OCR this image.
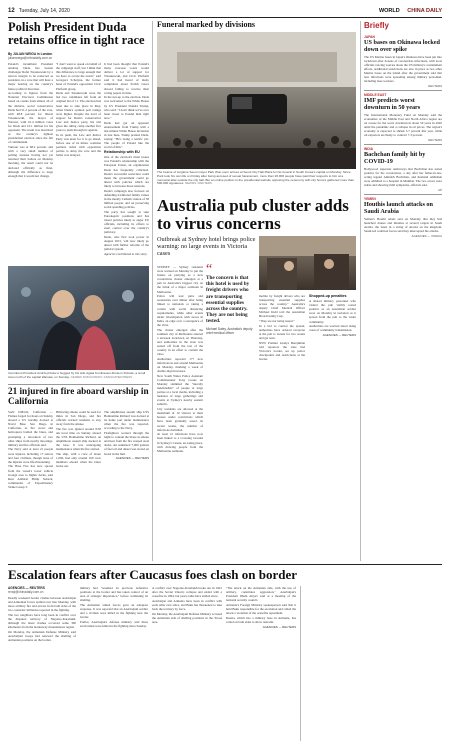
12 Tuesday, July 14, 2020	WORLD CHINA DAILY
Polish President Duda retains office in tight race
By JULIAN WEIGA in London
julianweiga@chinadaily.com.cn

Poland's incumbent President Andrzej Duda has beaten challenger Rafal Trzaskowski by a narrow margin to be reelected as president, in a vote that will have a major bearing on the country's future political direction.

According to figures from the National Electoral Commission based on counts from almost all of the districts, social conservative Duda had 51.2 percent of the vote, with 48.8 percent for liberal Trzaskowski, the mayor of Warsaw, with 10.4 million votes for Duda and 10.1 million for his opponent. The result was described as the country's tightest presidential election since the fall of communism.

Turnout was at 68.2 percent, and with a very small number of polling stations having not yet returned their ballots on Monday morning, the result could not be declared officially as final, although the difference is large enough that it would not change.

"I don't want to speak on behalf of the campaign staff, but I think that this difference is large enough that we have to accept the result," said Grzegorz Schetyna, the former head of Poland's opposition Civic Platform group.

Duda and Trzaskowski were the last two candidates left from an original list of 11. The election had been due to take place in May, when Duda's opinion poll ratings were higher. Despite the level of support for Duda's conservative Law and Justice party, his win gives the ruling camp another five years to push through its agenda.

In its push, the Law and Justice Party was keen for it to go ahead, before one of its minor coalition partners sided with opposition parties to delay the vote and the ballot was delayed.

It had been thought that Poland's many overseas voters would deliver a lot of support for Trzaskowski, and Civic Platform said it had heard of many complaints about Polish voters abroad failing to receive their voting papers in time.

In the run-up to the election, Duda was welcomed to the White House by US President Donald Trump, who said: "I don't think we've ever been closer to Poland than right now."

Duda had got an apparent endorsement from Trump with a last-minute White House invitation in late June. Trump praised Duda, saying: "He's doing a terrific job. The people of Poland like the world of him."

Relationship with EU

One of the election's main issues was Poland's relationship with the European Union, an organization Duda has frequently criticized. Duda's successful reelection could mean the government could go ahead with policies which are likely to increase those tensions.

Duda's campaign also focused on defending traditional family values in the mostly Catholic nation of 38 million people, and on preserving social spending policies.

The party has sought to take Euroskeptic positions and has raised policies likely to anger EU officials, including its efforts to exert control over the country's judiciary.

Duda, who first took power in August 2015, will now likely go ahead with further reforms of the judicial system.

Agencies contributed to this story.

Incumbent President Andrzej Duda is hugged by his wife Agata Kornhauser-Duda in Pultusk, a small town north of the capital Warsaw, on Sunday. CZAREK SOKOLOWSKI / ASSOCIATED PRESS
21 injured in fire aboard warship in California

SAN DIEGO, California — Flames forged for hours on Sunday aboard a US warship docked at Naval Base San Diego in California, as fire crews and helicopters battled the blaze, and prompting a relocation of two other ships from nearby moorings, military and fire officials said.

The Navy said at least 21 people were injured, including 17 sailors and four civilians, though none of the injuries were life-threatening.

The Base Fire has now spread from the vessel's lower vehicle storage area to higher decks, said Rear Admiral Philip Sobeck, commander of Expeditionary Strike Group 3.

Billowing smoke could be seen for miles in San Diego, and fire officials warned residents to stay away from the smoke.

The fire was ignited around 8:30 am local time on Sunday aboard the USS Bonhomme Richard, an amphibious assault ship docked at the base. It was undergoing maintenance when the fire started.

The ship, with a crew of about 1,000, had only around 160 crew members aboard when the blaze broke out.

The amphibious assault ship USS Bonhomme Richard was docked at its home port under maintenance when the fire was reported, according to the Navy.

Firefighters worked through the night to contain the blaze as smoke and heat from the fire warped steel decks. An estimated 7,000 gallons of fuel oil and diesel was stored on board in the hull.

AGENCIES — REUTERS

Funeral marked by divisions
The hearse of longtime Seoul mayor Park Won-soon arrives at Seoul City Hall Plaza for his funeral in South Korea's capital on Monday. Since Park took his own life on Friday after being accused of sexual harassment, more than 20,000 people have paid their respects to him at a memorial altar outside the city hall. But an online petition to the presidential website opposing the ceremony with city honors gathered more than 500,000 signatures. NEWSIS / REUTERS
Australia pub cluster adds to virus concerns
Outbreak at Sydney hotel brings police warning: no large events in Victoria cases

SYDNEY — Sydney residents were warned on Monday to put the brakes on partying as a new coronavirus cluster emerged at a pub in Australia's biggest city on the brink of a major outbreak in Melbourne.

Police will tour pubs and restaurants over dinner after being linked to nationals or taking a certain with social distancing requirements, while other events under investigation with stores in India, an edge over a resurgence of the virus.

The cluster emerged after the southern city of Melbourne entered a sixweek lockdown on Thursday, and authorities in the state was sealed off from the rest of the country in an effort to contain the virus.

Authorities reported 177 new infections in and around Melbourne on Monday, marking a week of double-digit increases.

New South Wales Police Assistant Commissioner Tony Cooke on Monday slammed the "morally indefensible" of people at large parties at a local media, including a business of large gatherings and events at Sydney's nearby eastern suburbs.

City residents are allowed at the maximum of 10 visitors to their houses under restrictions which have been gradually eased. In recent weeks, the number of infections dwindled.

At least 21 infections have now been linked to a Crossing Ground in Sydney's Casula, an eating place, with drawing people from the Melbourne outbreak.

“
The concern is that this hotel is used by freight drivers who are transporting essential supplies across the country. They are not being tested.
Michael Daley, Australia's deputy chief medical officer

mobile by freight drivers who are transporting essential supplies across the country," Australia's deputy Chief Medical Officer Michael Kidd told the Australian Broadcasting Corp.

"They are not being tested."

In a bid to control the spread, authorities have ordered everyone at the pub to isolate for two weeks and get tests.

NSW Premier Gladys Berejiklian told reporters the state had Victoria's border, set up police checkpoints and restrictions at the border.

Shopped-up penalties

A shared military personnel who visited the pub visibly tested positive as an Australian soldier were on Monday in isolation as it spread from the pub to the wider community.

Authorities are worried about rising cases of community transmission.

AGENCIES — REUTERS

Briefly
JAPAN
US bases on Okinawa locked down over spike
The US Marine bases in Japan's Okinawa have been put into lockdown after dozens of coronavirus infections, with local officials voicing worries about the US military's containment efforts. Additional restrictions are also in place at two other Marine bases on the island after the government said that new infections were spreading among military personnel, including base workers.
REUTERS
MIDDLE EAST
IMF predicts worst downturn in 50 years
The International Monetary Fund on Monday said the economies of the Middle East and North Africa region are on course for the worst downturn in about 50 years in 2020 amid the pandemic and a collapse in oil prices. The region's economy is expected to shrink 5.7 percent this year, while oil exporters are likely to contract 7.3 percent.
REUTERS
INDIA
Bachchan family hit by COVID-19
Bollywood superstar Aishwarya Rai Bachchan has tested positive for the coronavirus, a day after her father-in-law, acting legend Amitabh Bachchan, and husband Abhishek were admitted to a hospital in Mumbai. The two actors were stable and showing mild symptoms, officials said.
AP
YEMEN
Houthis launch attacks on Saudi Arabia
Yemen's Houthi rebels said on Monday that they had launched drones and missiles at several targets in Saudi Arabia, the latest in a string of attacks on the kingdom. Saudi-led coalition forces said they intercepted the attacks.
AGENCIES — XINHUA
Escalation fears after Caucasus foes clash on border
AGENCIES — REUTERS
renqi@chinadaily.com.cn

Deadly weekend border clashes between Azerbaijan and Armenian forces spilled over into Monday, with more artillery fire and arrows from both sides of the two countries' militaries reported in the fighting.

The two neighbors have long been in conflict over the disputed territory of Nagorno-Karabakh, although the latest clashes occurred some 300 kilometers from the breakaway mountainous region.

On Monday, the Armenian Defense Ministry said Azerbaijani troops had renewed the shelling of Armenian positions on the border.

military had "resumed its previous defensive positions at the border and has taken control of an area of strategic importance," before continuing its shelling.

The Armenian armed forces gave an adequate response. It was reported that an Azerbaijani soldier and a civilian were killed in the fighting near the border.

Earlier, Azerbaijan's defense ministry said three servicemen were killed in the fighting since Sunday.

A conflict over Nagorno-Karabakh broke out in 1991 after the Soviet Union's collapse and ended with a ceasefire in 1994, but peace talks have stalled since.

Azerbaijan and Armenia have been in conflict with each other ever since, and Baku has threatened to take back the territory by force.

On Monday, the Azerbaijani Defense Ministry accused the Armenian side of shelling positions in the Tovuz area.

"The attack on the Armenian side, with the use of artillery, constitutes aggression," Azerbaijan's President Ilham Aliyev said at a meeting of the national security council.

Armenia's Foreign Ministry spokesperson said that it held Baku responsible for the escalation and called the attack a violation of the ceasefire agreement.

Russia, which has a military base in Armenia, has called on both sides to show restraint.

AGENCIES — REUTERS
